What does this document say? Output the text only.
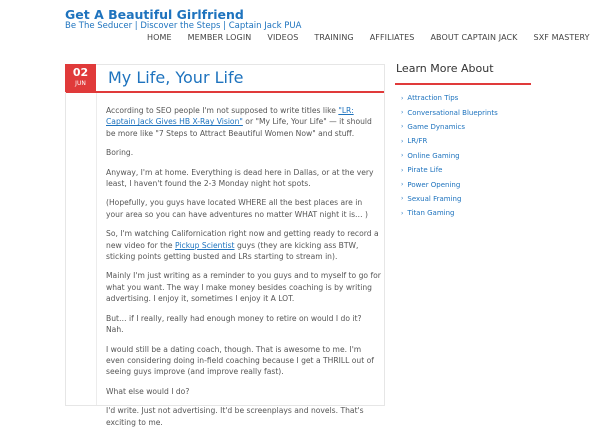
Get A Beautiful Girlfriend
Be The Seducer | Discover the Steps | Captain Jack PUA
HOME	MEMBER LOGIN	VIDEOS	TRAINING	AFFILIATES	ABOUT CAPTAIN JACK	SXF MASTERY
02
JUN	My Life, Your Life

According to SEO people I'm not supposed to write titles like "LR: Captain Jack Gives HB X-Ray Vision" or "My Life, Your Life" — it should be more like "7 Steps to Attract Beautiful Women Now" and stuff.

Boring.

Anyway, I'm at home. Everything is dead here in Dallas, or at the very least, I haven't found the 2-3 Monday night hot spots.

(Hopefully, you guys have located WHERE all the best places are in your area so you can have adventures no matter WHAT night it is… )

So, I'm watching Californication right now and getting ready to record a new video for the Pickup Scientist guys (they are kicking ass BTW, sticking points getting busted and LRs starting to stream in).

Mainly I'm just writing as a reminder to you guys and to myself to go for what you want. The way I make money besides coaching is by writing advertising. I enjoy it, sometimes I enjoy it A LOT.

But… if I really, really had enough money to retire on would I do it? Nah.

I would still be a dating coach, though. That is awesome to me. I'm even considering doing in-field coaching because I get a THRILL out of seeing guys improve (and improve really fast).

What else would I do?

I'd write. Just not advertising. It'd be screenplays and novels. That's exciting to me.

Learn More About
› Attraction Tips
› Conversational Blueprints
› Game Dynamics
› LR/FR
› Online Gaming
› Pirate Life
› Power Opening
› Sexual Framing
› Titan Gaming
